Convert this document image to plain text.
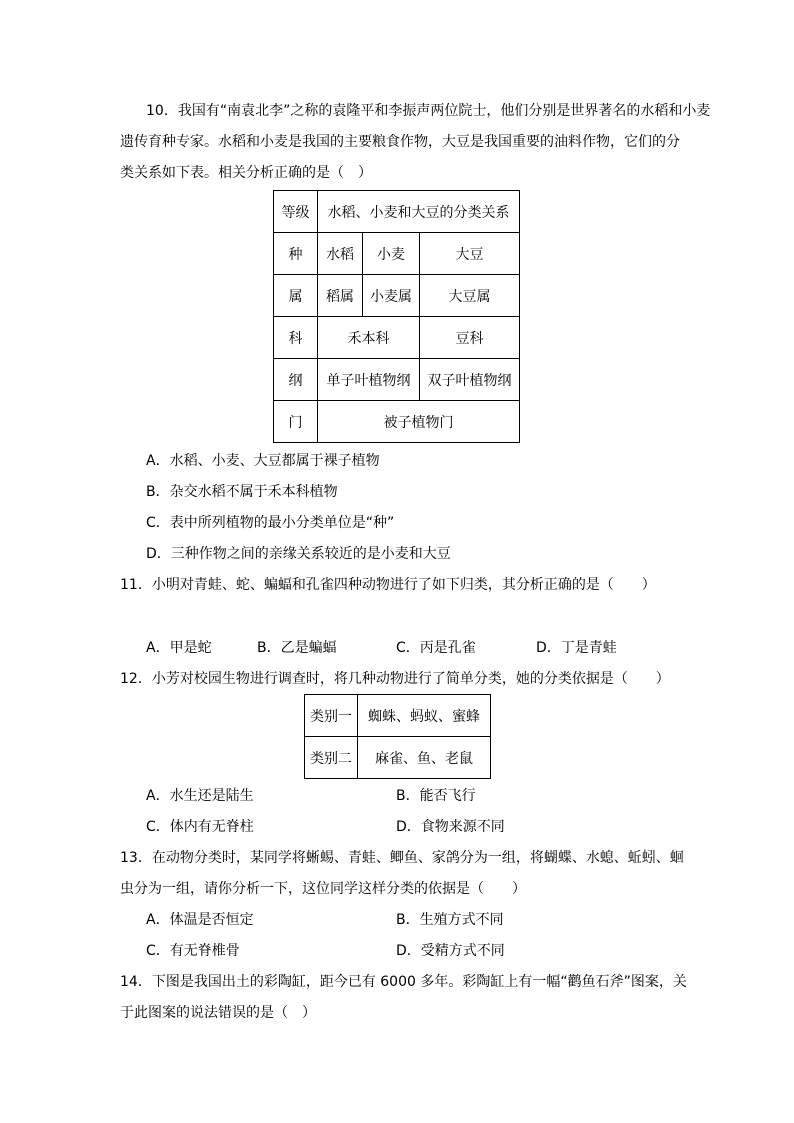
10．我国有“南袁北李”之称的袁隆平和李振声两位院士，他们分别是世界著名的水稻和小麦
遗传育种专家。水稻和小麦是我国的主要粮食作物，大豆是我国重要的油料作物，它们的分
类关系如下表。相关分析正确的是（　）
等级	水稻、小麦和大豆的分类关系		
种	水稻	小麦	大豆
属	稻属	小麦属	大豆属
科	禾本科		豆科
纲	单子叶植物纲		双子叶植物纲
门	被子植物门		
A．水稻、小麦、大豆都属于裸子植物
B．杂交水稻不属于禾本科植物
C．表中所列植物的最小分类单位是“种”
D．三种作物之间的亲缘关系较近的是小麦和大豆
11．小明对青蛙、蛇、蝙蝠和孔雀四种动物进行了如下归类，其分析正确的是（　　）
A．甲是蛇	B．乙是蝙蝠	C．丙是孔雀	D．丁是青蛙
12．小芳对校园生物进行调查时，将几种动物进行了简单分类，她的分类依据是（　　）
类别一	蜘蛛、蚂蚁、蜜蜂
类别二	麻雀、鱼、老鼠
A．水生还是陆生	B．能否飞行
C．体内有无脊柱	D．食物来源不同
13．在动物分类时，某同学将蜥蜴、青蛙、鲫鱼、家鸽分为一组，将蝴蝶、水螅、蚯蚓、蛔
虫分为一组，请你分析一下，这位同学这样分类的依据是（　　）
A．体温是否恒定	B．生殖方式不同
C．有无脊椎骨	D．受精方式不同
14．下图是我国出土的彩陶缸，距今已有 6000 多年。彩陶缸上有一幅“鹳鱼石斧”图案，关
于此图案的说法错误的是（　）
